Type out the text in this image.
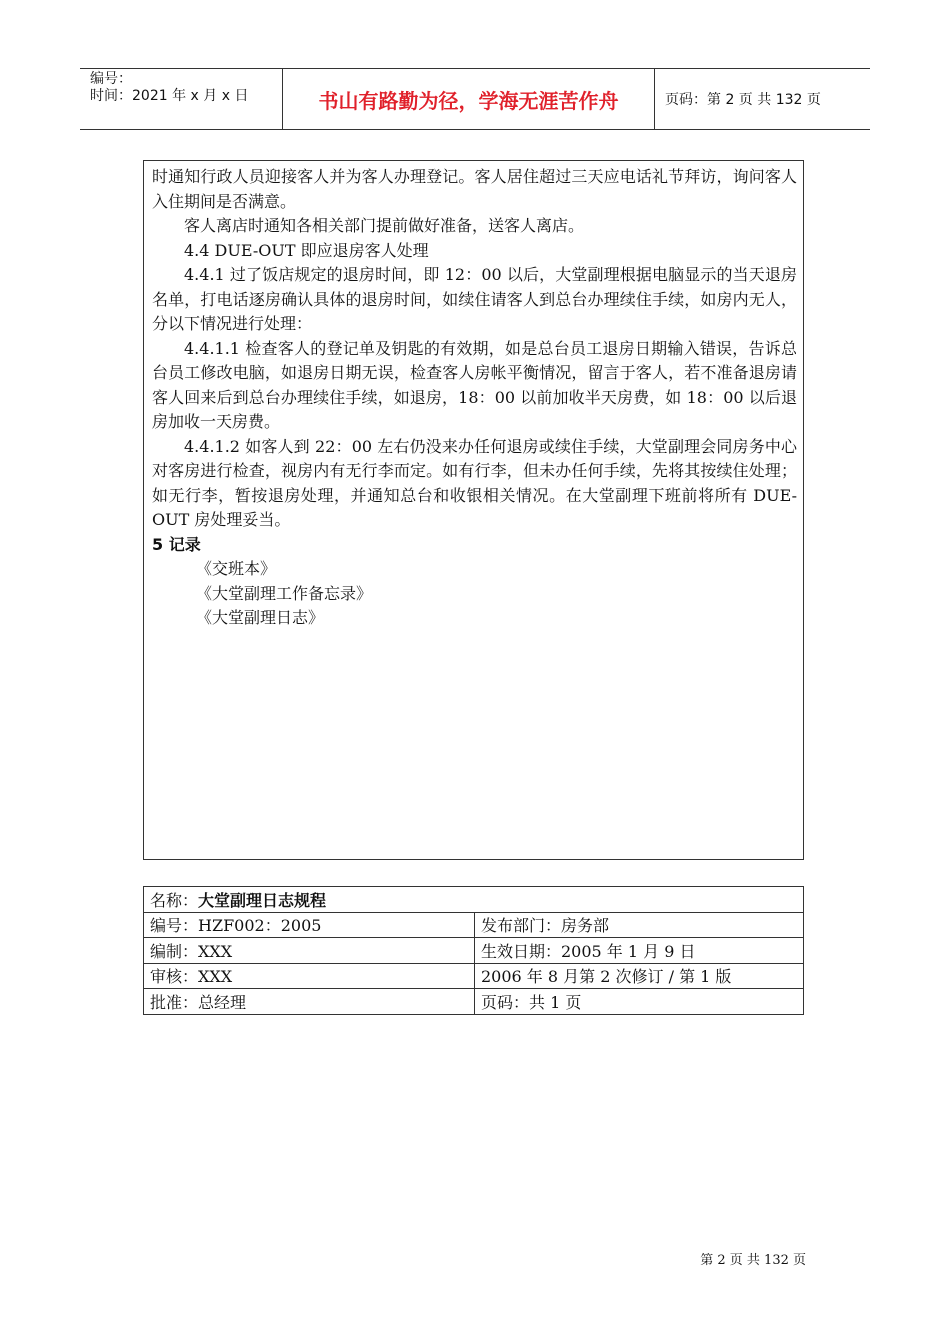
编号：
时间：2021 年 x 月 x 日	书山有路勤为径，学海无涯苦作舟	页码：第 2 页 共 132 页

时通知行政人员迎接客人并为客人办理登记。客人居住超过三天应电话礼节拜访，询问客人入住期间是否满意。

客人离店时通知各相关部门提前做好准备，送客人离店。

4.4 DUE-OUT 即应退房客人处理

4.4.1 过了饭店规定的退房时间，即 12：00 以后，大堂副理根据电脑显示的当天退房名单，打电话逐房确认具体的退房时间，如续住请客人到总台办理续住手续，如房内无人，分以下情况进行处理：

4.4.1.1 检查客人的登记单及钥匙的有效期，如是总台员工退房日期输入错误，告诉总台员工修改电脑，如退房日期无误，检查客人房帐平衡情况，留言于客人，若不准备退房请客人回来后到总台办理续住手续，如退房，18：00 以前加收半天房费，如 18：00 以后退房加收一天房费。

4.4.1.2 如客人到 22：00 左右仍没来办任何退房或续住手续，大堂副理会同房务中心对客房进行检查，视房内有无行李而定。如有行李，但未办任何手续，先将其按续住处理；如无行李，暂按退房处理，并通知总台和收银相关情况。在大堂副理下班前将所有 DUE-OUT 房处理妥当。

5 记录

《交班本》

《大堂副理工作备忘录》

《大堂副理日志》

名称：大堂副理日志规程	
编号：HZF002：2005	发布部门：房务部
编制：XXX	生效日期：2005 年 1 月 9 日
审核：XXX	2006 年 8 月第 2 次修订 / 第 1 版
批准：总经理	页码：共 1 页
第 2 页 共 132 页
